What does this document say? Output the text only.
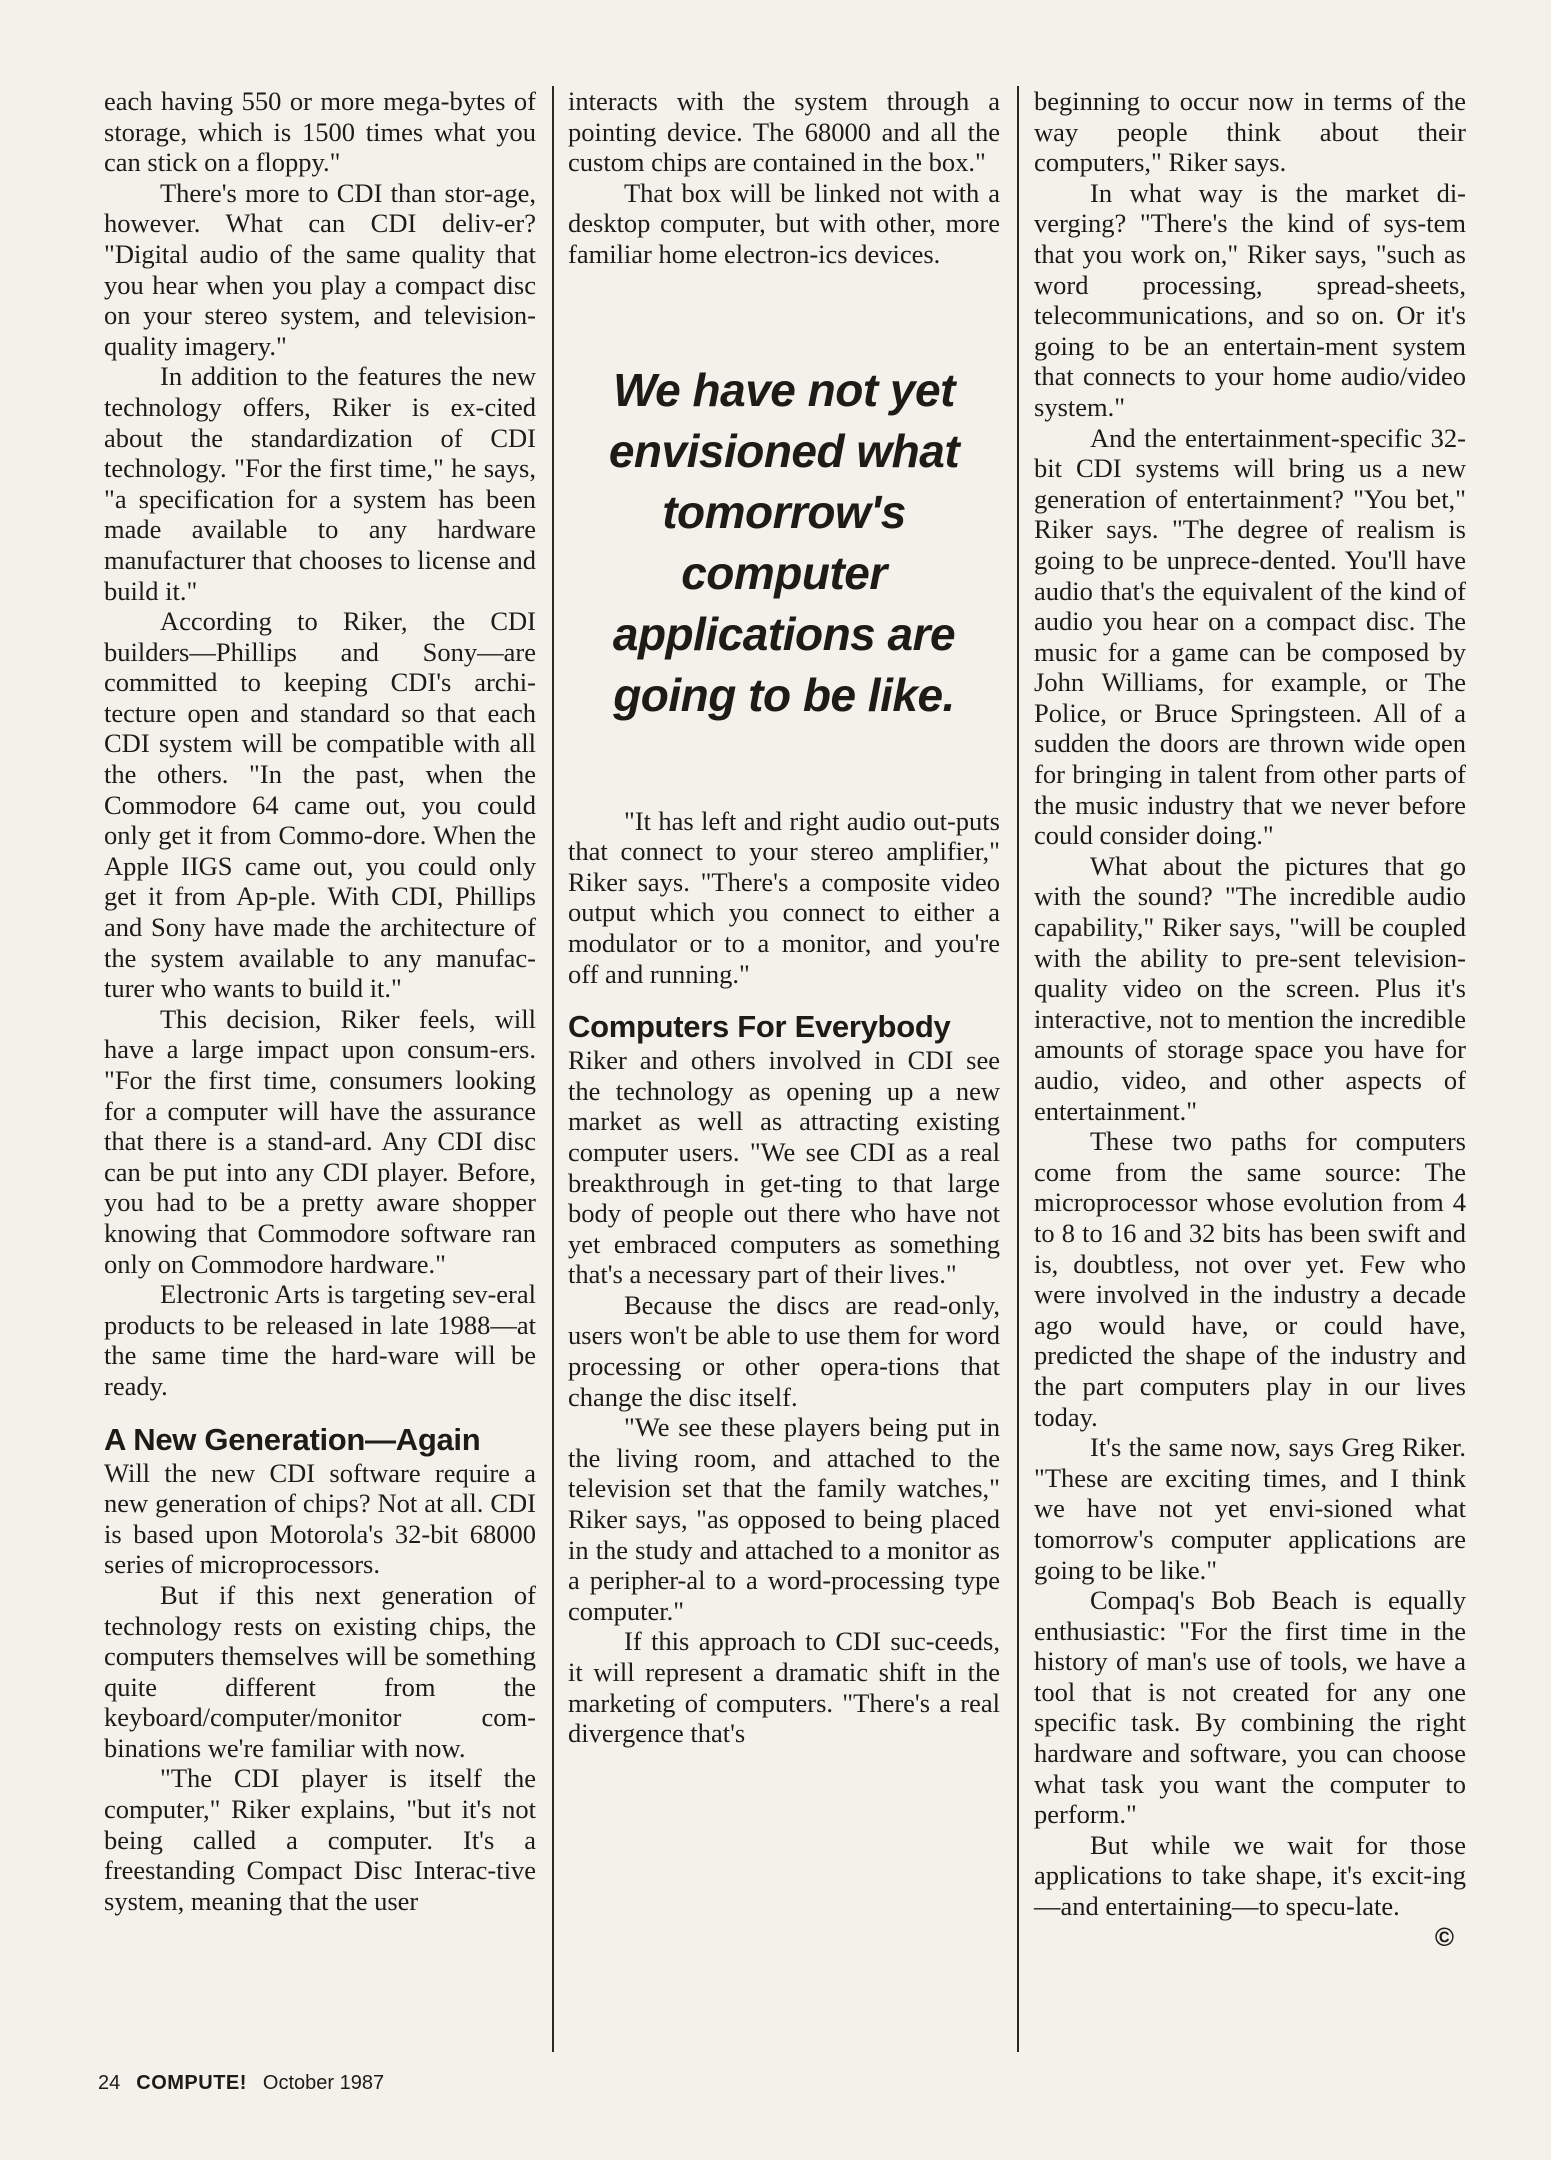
each having 550 or more mega-bytes of storage, which is 1500 times what you can stick on a floppy."

There's more to CDI than stor-age, however. What can CDI deliv-er? "Digital audio of the same quality that you hear when you play a compact disc on your stereo system, and television-quality imagery."

In addition to the features the new technology offers, Riker is ex-cited about the standardization of CDI technology. "For the first time," he says, "a specification for a system has been made available to any hardware manufacturer that chooses to license and build it."

According to Riker, the CDI builders—Phillips and Sony—are committed to keeping CDI's archi-tecture open and standard so that each CDI system will be compatible with all the others. "In the past, when the Commodore 64 came out, you could only get it from Commo-dore. When the Apple IIGS came out, you could only get it from Ap-ple. With CDI, Phillips and Sony have made the architecture of the system available to any manufac-turer who wants to build it."

This decision, Riker feels, will have a large impact upon consum-ers. "For the first time, consumers looking for a computer will have the assurance that there is a stand-ard. Any CDI disc can be put into any CDI player. Before, you had to be a pretty aware shopper knowing that Commodore software ran only on Commodore hardware."

Electronic Arts is targeting sev-eral products to be released in late 1988—at the same time the hard-ware will be ready.

A New Generation—Again

Will the new CDI software require a new generation of chips? Not at all. CDI is based upon Motorola's 32-bit 68000 series of microprocessors.

But if this next generation of technology rests on existing chips, the computers themselves will be something quite different from the keyboard/computer/monitor com-binations we're familiar with now.

"The CDI player is itself the computer," Riker explains, "but it's not being called a computer. It's a freestanding Compact Disc Interac-tive system, meaning that the user

interacts with the system through a pointing device. The 68000 and all the custom chips are contained in the box."

That box will be linked not with a desktop computer, but with other, more familiar home electron-ics devices.

We have not yet envisioned what tomorrow's computer applications are going to be like.

"It has left and right audio out-puts that connect to your stereo amplifier," Riker says. "There's a composite video output which you connect to either a modulator or to a monitor, and you're off and running."

Computers For Everybody

Riker and others involved in CDI see the technology as opening up a new market as well as attracting existing computer users. "We see CDI as a real breakthrough in get-ting to that large body of people out there who have not yet embraced computers as something that's a necessary part of their lives."

Because the discs are read-only, users won't be able to use them for word processing or other opera-tions that change the disc itself.

"We see these players being put in the living room, and attached to the television set that the family watches," Riker says, "as opposed to being placed in the study and attached to a monitor as a peripher-al to a word-processing type computer."

If this approach to CDI suc-ceeds, it will represent a dramatic shift in the marketing of computers. "There's a real divergence that's

beginning to occur now in terms of the way people think about their computers," Riker says.

In what way is the market di-verging? "There's the kind of sys-tem that you work on," Riker says, "such as word processing, spread-sheets, telecommunications, and so on. Or it's going to be an entertain-ment system that connects to your home audio/video system."

And the entertainment-specific 32-bit CDI systems will bring us a new generation of entertainment? "You bet," Riker says. "The degree of realism is going to be unprece-dented. You'll have audio that's the equivalent of the kind of audio you hear on a compact disc. The music for a game can be composed by John Williams, for example, or The Police, or Bruce Springsteen. All of a sudden the doors are thrown wide open for bringing in talent from other parts of the music industry that we never before could consider doing."

What about the pictures that go with the sound? "The incredible audio capability," Riker says, "will be coupled with the ability to pre-sent television-quality video on the screen. Plus it's interactive, not to mention the incredible amounts of storage space you have for audio, video, and other aspects of entertainment."

These two paths for computers come from the same source: The microprocessor whose evolution from 4 to 8 to 16 and 32 bits has been swift and is, doubtless, not over yet. Few who were involved in the industry a decade ago would have, or could have, predicted the shape of the industry and the part computers play in our lives today.

It's the same now, says Greg Riker. "These are exciting times, and I think we have not yet envi-sioned what tomorrow's computer applications are going to be like."

Compaq's Bob Beach is equally enthusiastic: "For the first time in the history of man's use of tools, we have a tool that is not created for any one specific task. By combining the right hardware and software, you can choose what task you want the computer to perform."

But while we wait for those applications to take shape, it's excit-ing—and entertaining—to specu-late.
©

24 COMPUTE! October 1987
